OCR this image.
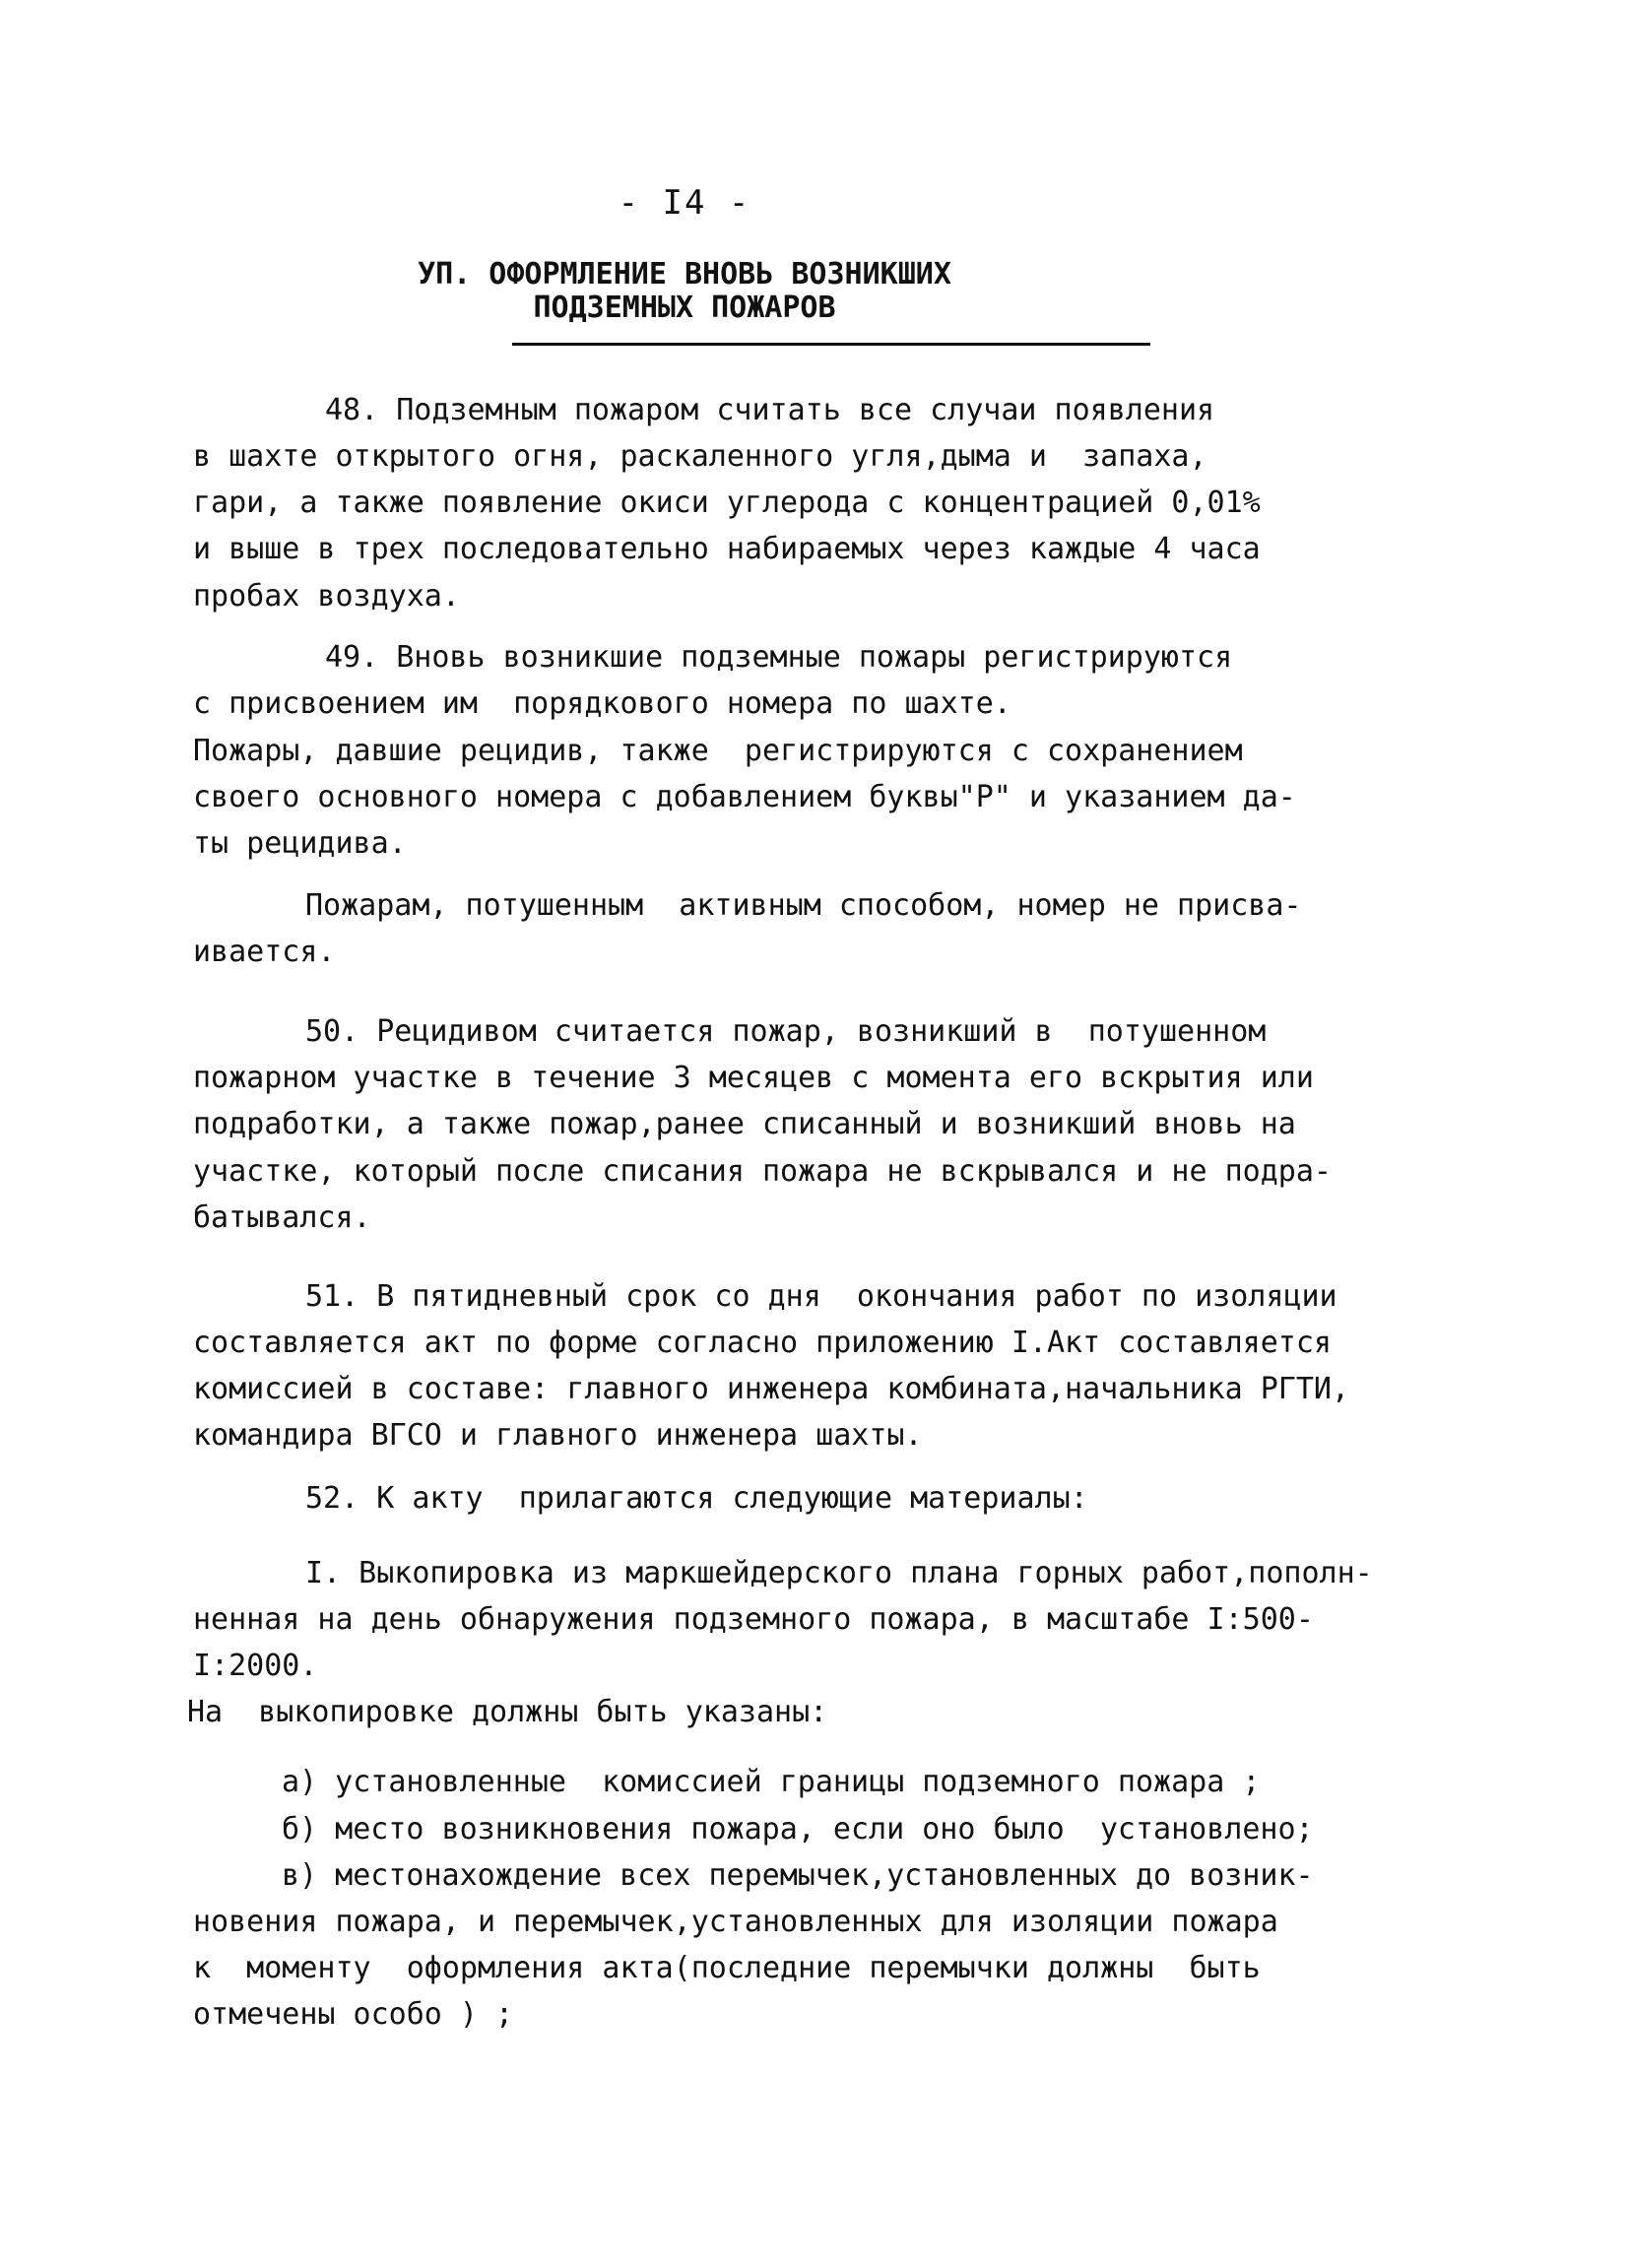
- I4 -
УП. ОФОРМЛЕНИЕ ВНОВЬ ВОЗНИКШИХ
ПОДЗЕМНЫХ ПОЖАРОВ
48. Подземным пожаром считать все случаи появления
в шахте открытого огня, раскаленного угля,дыма и  запаха,
гари, а также появление окиси углерода с концентрацией 0,01%
и выше в трех последовательно набираемых через каждые 4 часа
пробах воздуха.
49. Вновь возникшие подземные пожары регистрируются
с присвоением им  порядкового номера по шахте.
Пожары, давшие рецидив, также  регистрируются с сохранением
своего основного номера с добавлением буквы"Р" и указанием да-
ты рецидива.
Пожарам, потушенным  активным способом, номер не присва-
ивается.
50. Рецидивом считается пожар, возникший в  потушенном
пожарном участке в течение 3 месяцев с момента его вскрытия или
подработки, а также пожар,ранее списанный и возникший вновь на
участке, который после списания пожара не вскрывался и не подра-
батывался.
51. В пятидневный срок со дня  окончания работ по изоляции
составляется акт по форме согласно приложению I.Акт составляется
комиссией в составе: главного инженера комбината,начальника РГТИ,
командира ВГСО и главного инженера шахты.
52. К акту  прилагаются следующие материалы:
I. Выкопировка из маркшейдерского плана горных работ,пополн-
ненная на день обнаружения подземного пожара, в масштабе I:500-
I:2000.
На  выкопировке должны быть указаны:
а) установленные  комиссией границы подземного пожара ;
б) место возникновения пожара, если оно было  установлено;
в) местонахождение всех перемычек,установленных до возник-
новения пожара, и перемычек,установленных для изоляции пожара
к  моменту  оформления акта(последние перемычки должны  быть
отмечены особо ) ;
